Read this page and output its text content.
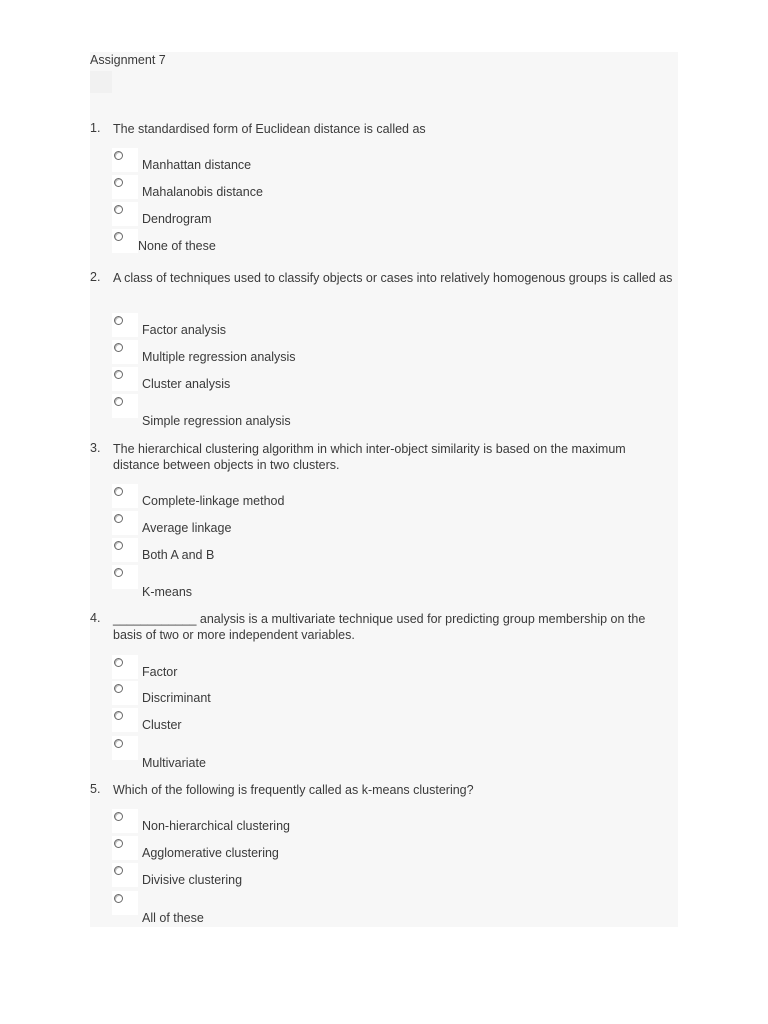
Assignment 7
1.	The standardised form of Euclidean distance is called as
Manhattan distance
Mahalanobis distance
Dendrogram
None of these
2.	A class of techniques used to classify objects or cases into relatively homogenous groups is called as
Factor analysis
Multiple regression analysis
Cluster analysis
Simple regression analysis
3.	The hierarchical clustering algorithm in which inter-object similarity is based on the maximum distance between objects in two clusters.
Complete-linkage method
Average linkage
Both A and B
K-means
4.	____________ analysis is a multivariate technique used for predicting group membership on the basis of two or more independent variables.
Factor
Discriminant
Cluster
Multivariate
5.	Which of the following is frequently called as k-means clustering?
Non-hierarchical clustering
Agglomerative clustering
Divisive clustering
All of these
